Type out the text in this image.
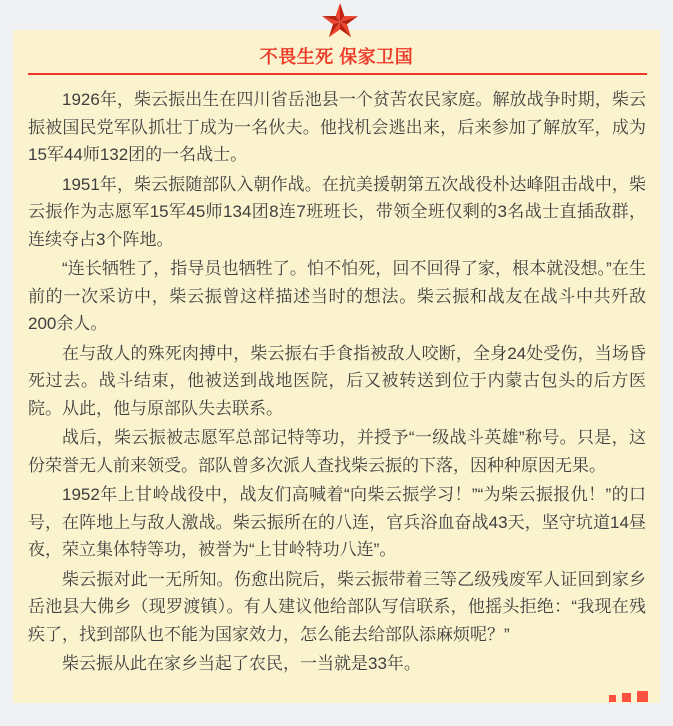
不畏生死 保家卫国

1926年，柴云振出生在四川省岳池县一个贫苦农民家庭。解放战争时期，柴云振被国民党军队抓壮丁成为一名伙夫。他找机会逃出来，后来参加了解放军，成为15军44师132团的一名战士。

1951年，柴云振随部队入朝作战。在抗美援朝第五次战役朴达峰阻击战中，柴云振作为志愿军15军45师134团8连7班班长，带领全班仅剩的3名战士直插敌群，连续夺占3个阵地。

“连长牺牲了，指导员也牺牲了。怕不怕死，回不回得了家，根本就没想。”在生前的一次采访中，柴云振曾这样描述当时的想法。柴云振和战友在战斗中共歼敌200余人。

在与敌人的殊死肉搏中，柴云振右手食指被敌人咬断，全身24处受伤，当场昏死过去。战斗结束，他被送到战地医院，后又被转送到位于内蒙古包头的后方医院。从此，他与原部队失去联系。

战后，柴云振被志愿军总部记特等功，并授予“一级战斗英雄”称号。只是，这份荣誉无人前来领受。部队曾多次派人查找柴云振的下落，因种种原因无果。

1952年上甘岭战役中，战友们高喊着“向柴云振学习！”“为柴云振报仇！”的口号，在阵地上与敌人激战。柴云振所在的八连，官兵浴血奋战43天，坚守坑道14昼夜，荣立集体特等功，被誉为“上甘岭特功八连”。

柴云振对此一无所知。伤愈出院后，柴云振带着三等乙级残废军人证回到家乡岳池县大佛乡（现罗渡镇）。有人建议他给部队写信联系，他摇头拒绝：“我现在残疾了，找到部队也不能为国家效力，怎么能去给部队添麻烦呢？”

柴云振从此在家乡当起了农民，一当就是33年。
